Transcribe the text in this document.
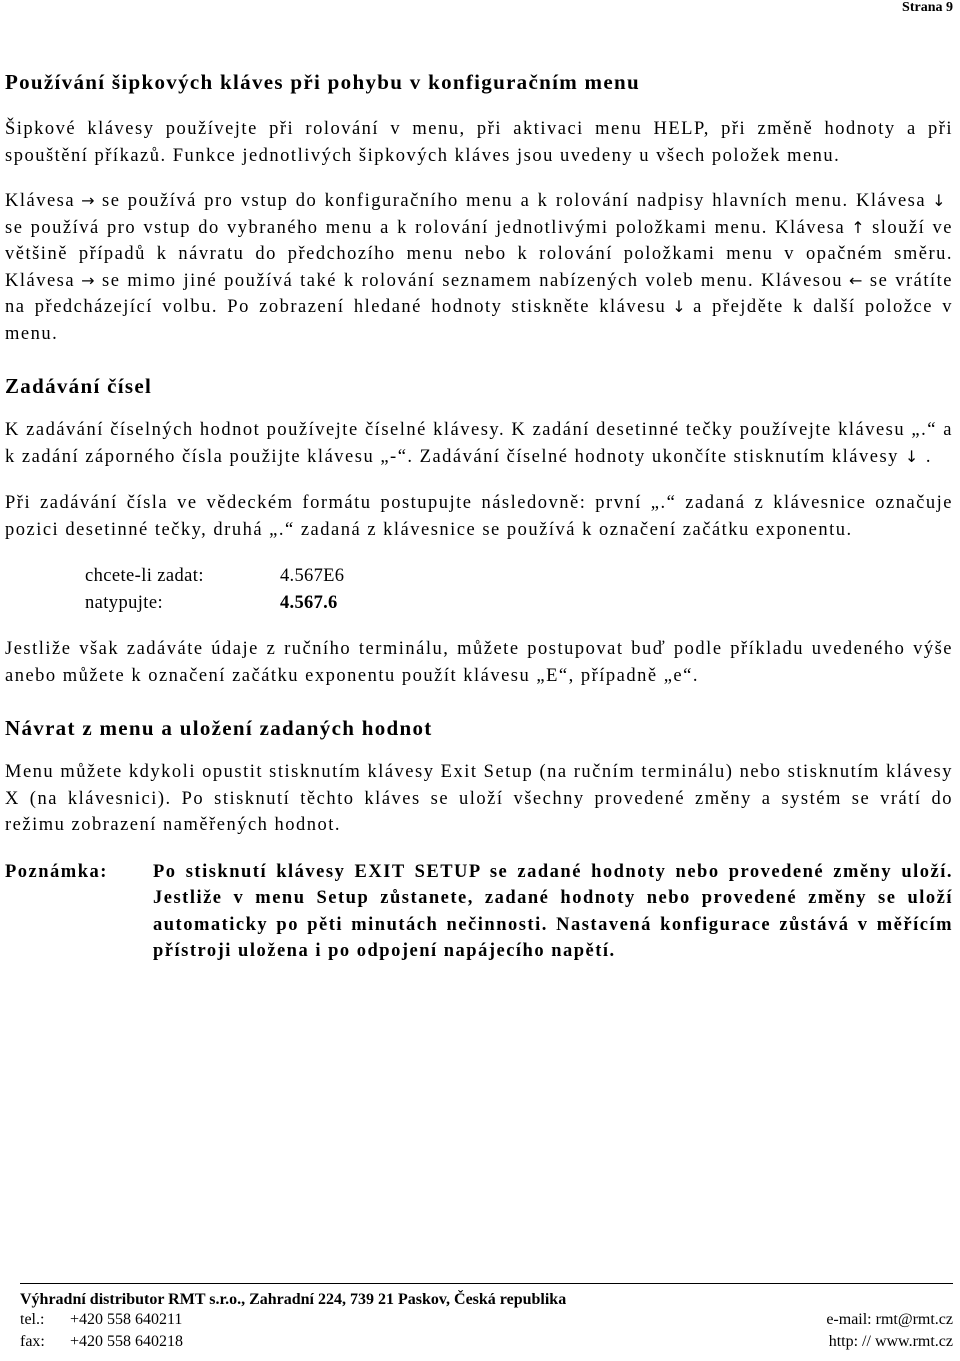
Strana 9
Používání šipkových kláves při pohybu v konfiguračním menu

Šipkové klávesy používejte při rolování v menu, při aktivaci menu HELP, při změně hodnoty a při spouštění příkazů. Funkce jednotlivých šipkových kláves jsou uvedeny u všech položek menu.

Klávesa → se používá pro vstup do konfiguračního menu a k rolování nadpisy hlavních menu. Klávesa ↓se používá pro vstup do vybraného menu a k rolování jednotlivými položkami menu. Klávesa ↑ slouží ve většině případů k návratu do předchozího menu nebo k rolování položkami menu v opačném směru. Klávesa → se mimo jiné používá také k rolování seznamem nabízených voleb menu. Klávesou ← se vrátíte na předcházející volbu. Po zobrazení hledané hodnoty stiskněte klávesu ↓ a přejděte k další položce v menu.

Zadávání čísel

K zadávání číselných hodnot používejte číselné klávesy. K zadání desetinné tečky používejte klávesu „.“ a k zadání záporného čísla použijte klávesu „-“. Zadávání číselné hodnoty ukončíte stisknutím klávesy ↓ .

Při zadávání čísla ve vědeckém formátu postupujte následovně: první „.“ zadaná z klávesnice označuje pozici desetinné tečky, druhá „.“ zadaná z klávesnice se používá k označení začátku exponentu.

chcete-li zadat:	4.567E6
natypujte:	4.567.6

Jestliže však zadáváte údaje z ručního terminálu, můžete postupovat buď podle příkladu uvedeného výše anebo můžete k označení začátku exponentu použít klávesu „E“, případně „e“.

Návrat z menu a uložení zadaných hodnot

Menu můžete kdykoli opustit stisknutím klávesy Exit Setup (na ručním terminálu) nebo stisknutím klávesy X (na klávesnici). Po stisknutí těchto kláves se uloží všechny provedené změny a systém se vrátí do režimu zobrazení naměřených hodnot.

Poznámka:	Po stisknutí klávesy EXIT SETUP se zadané hodnoty nebo provedené změny uloží. Jestliže v menu Setup zůstanete, zadané hodnoty nebo provedené změny se uloží automaticky po pěti minutách nečinnosti. Nastavená konfigurace zůstává v měřícím přístroji uložena i po odpojení napájecího napětí.
Výhradní distributor RMT s.r.o., Zahradní 224, 739 21 Paskov, Česká republika
tel.:	+420 558 640211	e-mail: rmt@rmt.cz
fax:	+420 558 640218	http: // www.rmt.cz
